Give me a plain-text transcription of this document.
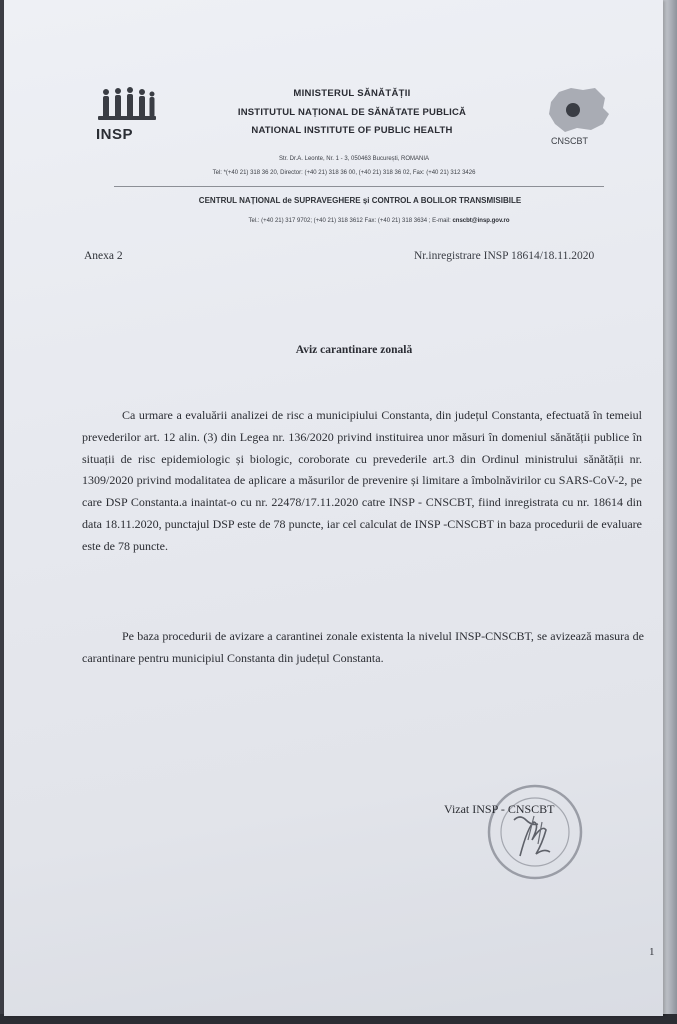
INSP	CNSCBT
MINISTERUL SĂNĂTĂȚII
INSTITUTUL NAȚIONAL DE SĂNĂTATE PUBLICĂ
NATIONAL INSTITUTE OF PUBLIC HEALTH
Str. Dr.A. Leonte, Nr. 1 - 3, 050463 București, ROMANIA
Tel: *(+40 21) 318 36 20, Director: (+40 21) 318 36 00, (+40 21) 318 36 02, Fax: (+40 21) 312 3426
CENTRUL NAȚIONAL de SUPRAVEGHERE și CONTROL A BOLILOR TRANSMISIBILE
Tel.: (+40 21) 317 9702; (+40 21) 318 3612 Fax: (+40 21) 318 3634 ; E-mail: cnscbt@insp.gov.ro
Anexa 2	Nr.inregistrare INSP 18614/18.11.2020
Aviz carantinare zonală
Ca urmare a evaluării analizei de risc a municipiului Constanta, din județul Constanta, efectuată în temeiul prevederilor art. 12 alin. (3) din Legea nr. 136/2020 privind instituirea unor măsuri în domeniul sănătății publice în situații de risc epidemiologic și biologic, coroborate cu prevederile art.3 din Ordinul ministrului sănătății nr. 1309/2020 privind modalitatea de aplicare a măsurilor de prevenire și limitare a îmbolnăvirilor cu SARS-CoV-2, pe care DSP Constanta.a inaintat-o cu nr. 22478/17.11.2020 catre INSP - CNSCBT, fiind inregistrata cu nr. 18614 din data 18.11.2020, punctajul DSP este de 78 puncte, iar cel calculat de INSP -CNSCBT in baza procedurii de evaluare este de 78 puncte.
Pe baza procedurii de avizare a carantinei zonale existenta la nivelul INSP-CNSCBT, se avizează masura de carantinare pentru municipiul Constanta din județul Constanta.
Vizat INSP - CNSCBT
1
